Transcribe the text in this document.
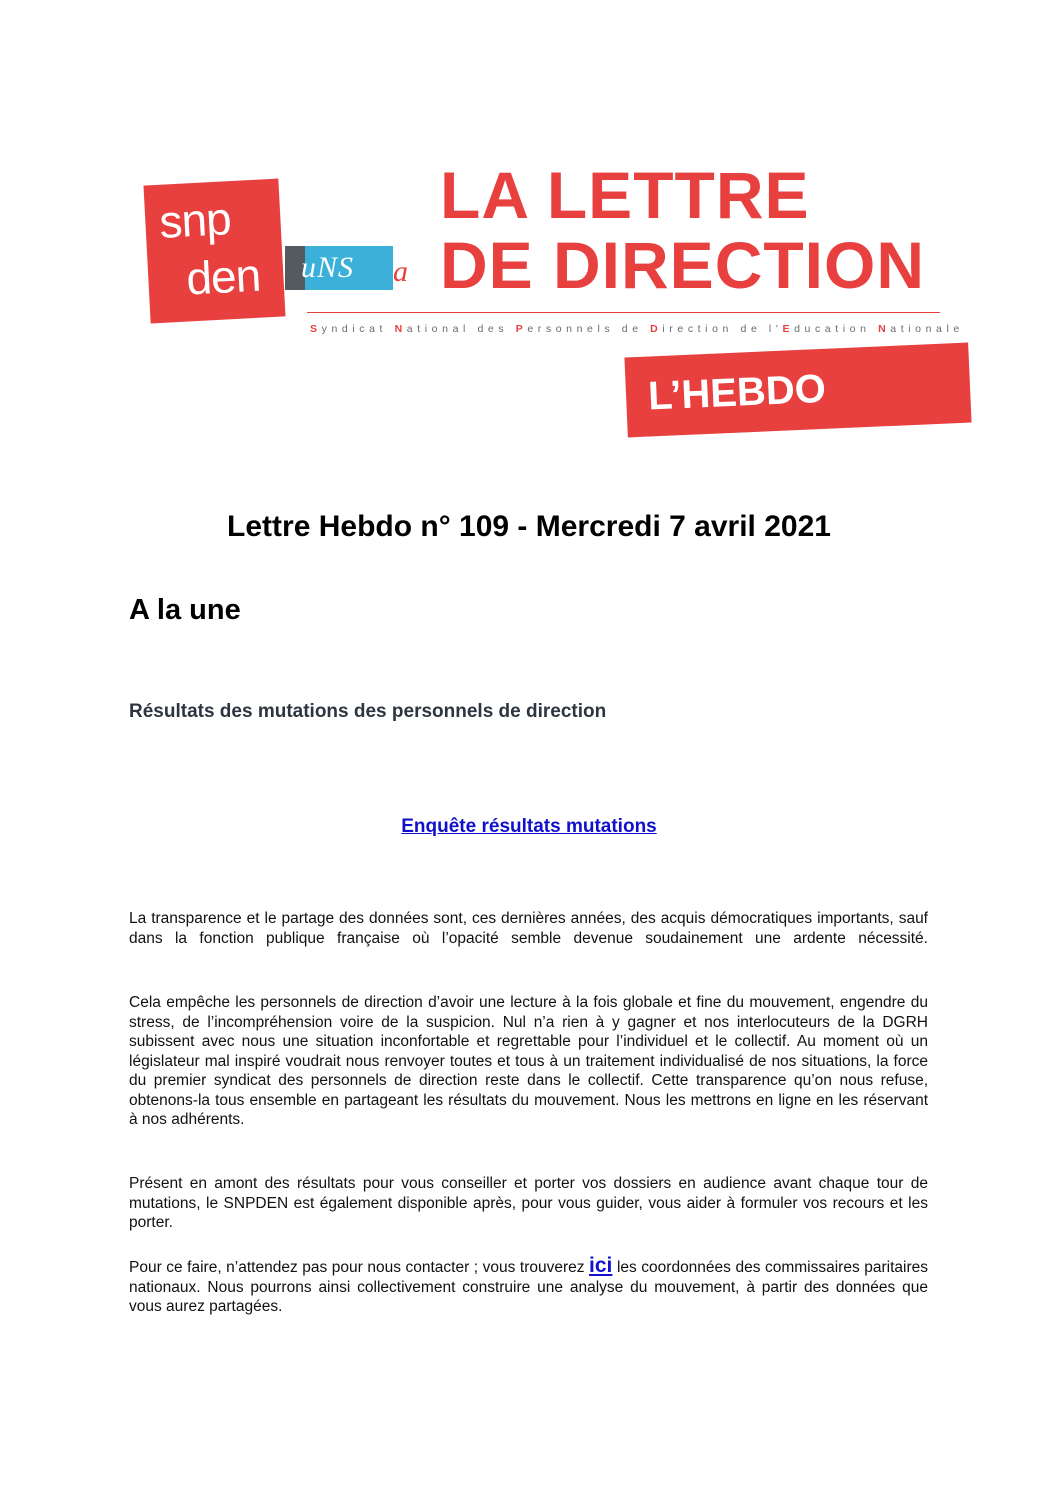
snp
den uNS a
LA LETTRE
DE DIRECTION
Syndicat National des Personnels de Direction de l'Education Nationale
L’HEBDO
Lettre Hebdo n° 109 - Mercredi 7 avril 2021
A la une
Résultats des mutations des personnels de direction
Enquête résultats mutations

La transparence et le partage des données sont, ces dernières années, des acquis démocratiques importants, sauf dans la fonction publique française où l’opacité semble devenue soudainement une ardente nécessité.

Cela empêche les personnels de direction d’avoir une lecture à la fois globale et fine du mouvement, engendre du stress, de l’incompréhension voire de la suspicion. Nul n’a rien à y gagner et nos interlocuteurs de la DGRH subissent avec nous une situation inconfortable et regrettable pour l’individuel et le collectif. Au moment où un législateur mal inspiré voudrait nous renvoyer toutes et tous à un traitement individualisé de nos situations, la force du premier syndicat des personnels de direction reste dans le collectif. Cette transparence qu’on nous refuse, obtenons-la tous ensemble en partageant les résultats du mouvement. Nous les mettrons en ligne en les réservant à nos adhérents.

Présent en amont des résultats pour vous conseiller et porter vos dossiers en audience avant chaque tour de mutations, le SNPDEN est également disponible après, pour vous guider, vous aider à formuler vos recours et les porter.

Pour ce faire, n’attendez pas pour nous contacter ; vous trouverez ici les coordonnées des commissaires paritaires nationaux. Nous pourrons ainsi collectivement construire une analyse du mouvement, à partir des données que vous aurez partagées.
